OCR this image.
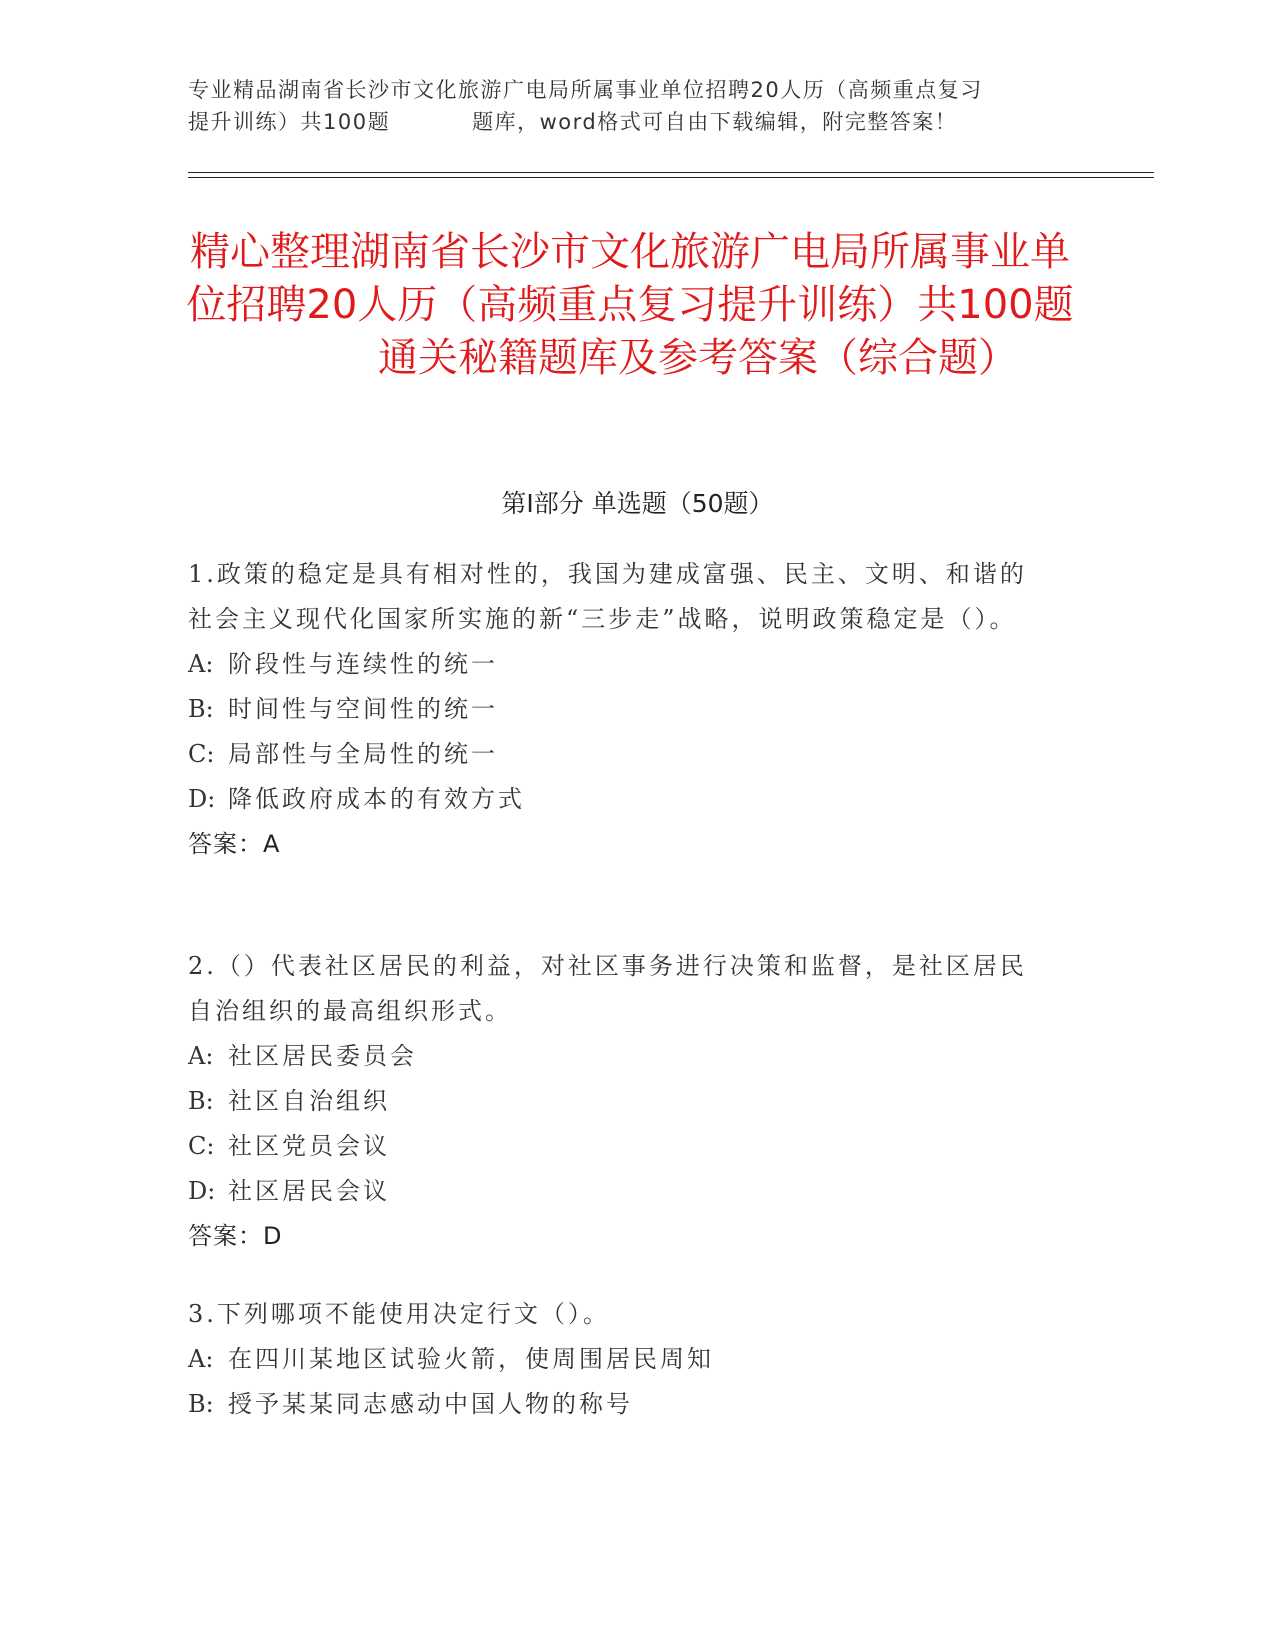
专业精品湖南省长沙市文化旅游广电局所属事业单位招聘20人历（高频重点复习
提升训练）共100题	题库，word格式可自由下载编辑，附完整答案！
精心整理湖南省长沙市文化旅游广电局所属事业单位招聘20人历（高频重点复习提升训练）共100题通关秘籍题库及参考答案（综合题）
第Ⅰ部分 单选题（50题）

1.政策的稳定是具有相对性的，我国为建成富强、民主、文明、和谐的社会主义现代化国家所实施的新“三步走”战略，说明政策稳定是（）。

A: 阶段性与连续性的统一

B: 时间性与空间性的统一

C: 局部性与全局性的统一

D: 降低政府成本的有效方式

答案：A

2.（）代表社区居民的利益，对社区事务进行决策和监督，是社区居民自治组织的最高组织形式。

A: 社区居民委员会

B: 社区自治组织

C: 社区党员会议

D: 社区居民会议

答案：D

3.下列哪项不能使用决定行文（）。

A: 在四川某地区试验火箭，使周围居民周知

B: 授予某某同志感动中国人物的称号
